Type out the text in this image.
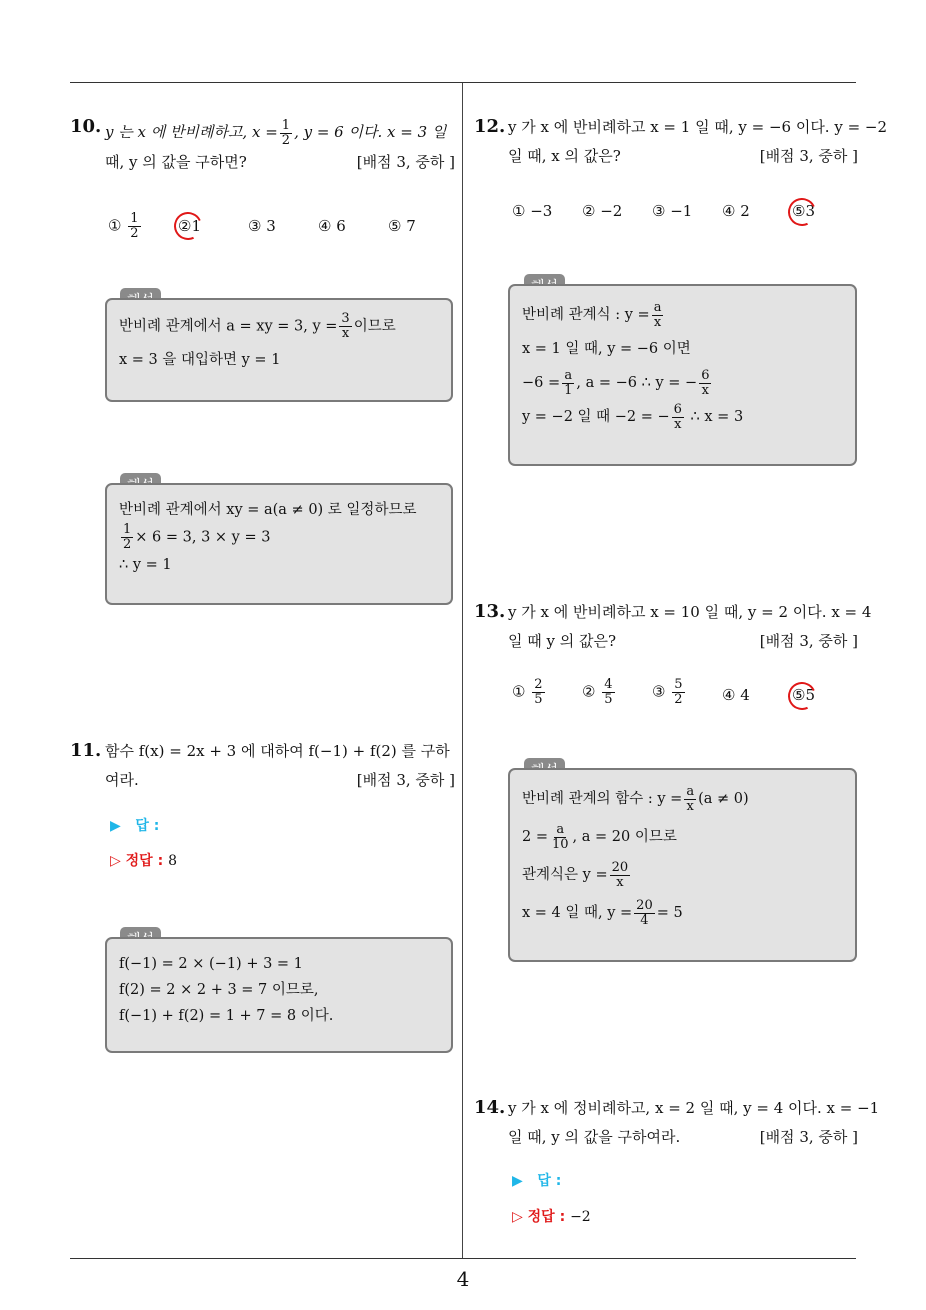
4
10. y 는 x 에 반비례하고, $x = \frac{1}{2}$ , y = 6 이다. x = 3 일
때, y 의 값을 구하면?	[배점 3, 중하 ]
① $\frac{1}{2}$ ②1	③ 3	④ 6	⑤ 7
반비례 관계에서 a = xy = 3, $y = \frac{3}{x}$ 이므로
x = 3 을 대입하면 y = 1
반비례 관계에서 xy = a(a ≠ 0) 로 일정하므로
$\frac{1}{2} \times 6 = 3$, 3 × y = 3
∴ y = 1
11. 함수 f(x) = 2x + 3 에 대하여 f(−1) + f(2) 를 구하
여라.	[배점 3, 중하 ]
▶ 답 :
▷ 정답 : 8
f(−1) = 2 × (−1) + 3 = 1
f(2) = 2 × 2 + 3 = 7 이므로,
f(−1) + f(2) = 1 + 7 = 8 이다.
12. y 가 x 에 반비례하고 x = 1 일 때, y = −6 이다. y = −2
일 때, x 의 값은?	[배점 3, 중하 ]
① −3 ② −2 ③ −1 ④ 2	⑤3
반비례 관계식 : $y = \frac{a}{x}$
x = 1 일 때, y = −6 이면
$-6 = \frac{a}{1}$ , a = −6 ∴ y = − $\frac{6}{x}$
y = −2 일 때 −2 = − $\frac{6}{x}$ ∴ x = 3
13. y 가 x 에 반비례하고 x = 10 일 때, y = 2 이다. x = 4
일 때 y 의 값은?	[배점 3, 중하 ]
① $\frac{2}{5}$ ② $\frac{4}{5}$ ③ $\frac{5}{2}$ ④ 4	⑤5
반비례 관계의 함수 : $y = \frac{a}{x} (a \ne 0)$
$2 = \frac{a}{10}$ , a = 20 이므로
관계식은 $y = \frac{20}{x}$
x = 4 일 때, $y = \frac{20}{4} = 5$
14. y 가 x 에 정비례하고, x = 2 일 때, y = 4 이다. x = −1
일 때, y 의 값을 구하여라.	[배점 3, 중하 ]
▶ 답 :
▷ 정답 : −2
